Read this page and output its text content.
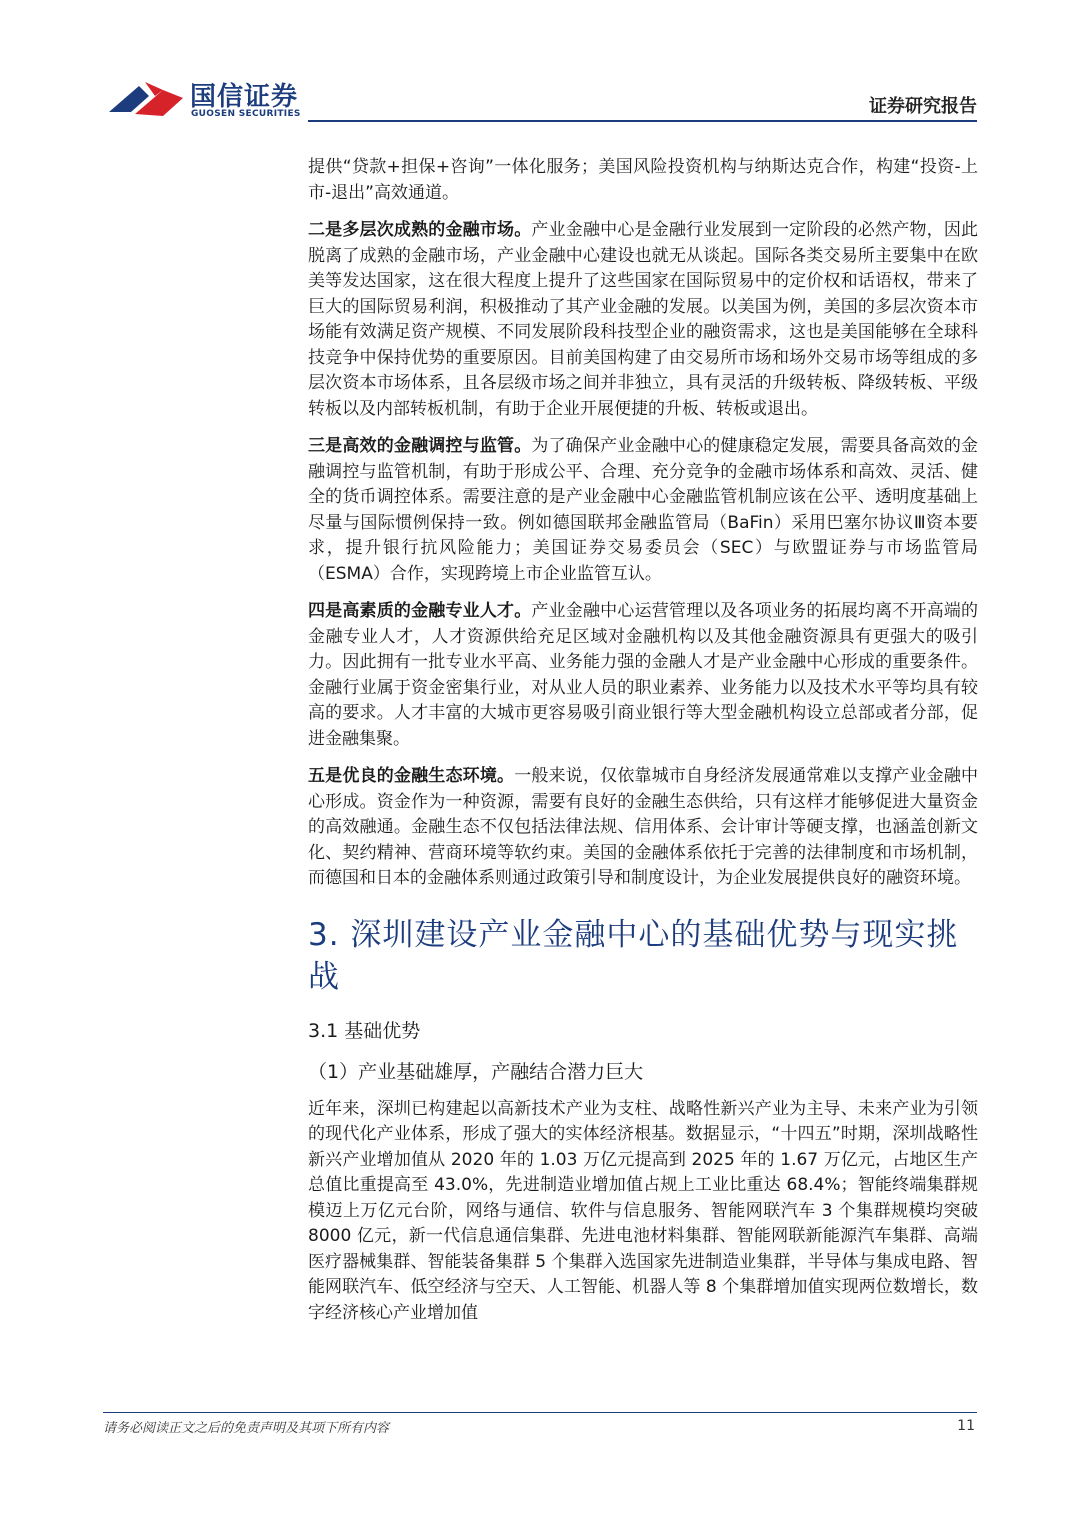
国信证券
GUOSEN SECURITIES	证券研究报告

提供“贷款+担保+咨询”一体化服务；美国风险投资机构与纳斯达克合作，构建“投资-上市-退出”高效通道。

二是多层次成熟的金融市场。产业金融中心是金融行业发展到一定阶段的必然产物，因此脱离了成熟的金融市场，产业金融中心建设也就无从谈起。国际各类交易所主要集中在欧美等发达国家，这在很大程度上提升了这些国家在国际贸易中的定价权和话语权，带来了巨大的国际贸易利润，积极推动了其产业金融的发展。以美国为例，美国的多层次资本市场能有效满足资产规模、不同发展阶段科技型企业的融资需求，这也是美国能够在全球科技竞争中保持优势的重要原因。目前美国构建了由交易所市场和场外交易市场等组成的多层次资本市场体系，且各层级市场之间并非独立，具有灵活的升级转板、降级转板、平级转板以及内部转板机制，有助于企业开展便捷的升板、转板或退出。

三是高效的金融调控与监管。为了确保产业金融中心的健康稳定发展，需要具备高效的金融调控与监管机制，有助于形成公平、合理、充分竞争的金融市场体系和高效、灵活、健全的货币调控体系。需要注意的是产业金融中心金融监管机制应该在公平、透明度基础上尽量与国际惯例保持一致。例如德国联邦金融监管局（BaFin）采用巴塞尔协议Ⅲ资本要求，提升银行抗风险能力；美国证券交易委员会（SEC）与欧盟证券与市场监管局（ESMA）合作，实现跨境上市企业监管互认。

四是高素质的金融专业人才。产业金融中心运营管理以及各项业务的拓展均离不开高端的金融专业人才，人才资源供给充足区域对金融机构以及其他金融资源具有更强大的吸引力。因此拥有一批专业水平高、业务能力强的金融人才是产业金融中心形成的重要条件。金融行业属于资金密集行业，对从业人员的职业素养、业务能力以及技术水平等均具有较高的要求。人才丰富的大城市更容易吸引商业银行等大型金融机构设立总部或者分部，促进金融集聚。

五是优良的金融生态环境。一般来说，仅依靠城市自身经济发展通常难以支撑产业金融中心形成。资金作为一种资源，需要有良好的金融生态供给，只有这样才能够促进大量资金的高效融通。金融生态不仅包括法律法规、信用体系、会计审计等硬支撑，也涵盖创新文化、契约精神、营商环境等软约束。美国的金融体系依托于完善的法律制度和市场机制，而德国和日本的金融体系则通过政策引导和制度设计，为企业发展提供良好的融资环境。

3. 深圳建设产业金融中心的基础优势与现实挑战
3.1 基础优势
（1）产业基础雄厚，产融结合潜力巨大

近年来，深圳已构建起以高新技术产业为支柱、战略性新兴产业为主导、未来产业为引领的现代化产业体系，形成了强大的实体经济根基。数据显示，“十四五”时期，深圳战略性新兴产业增加值从 2020 年的 1.03 万亿元提高到 2025 年的 1.67 万亿元，占地区生产总值比重提高至 43.0%，先进制造业增加值占规上工业比重达 68.4%；智能终端集群规模迈上万亿元台阶，网络与通信、软件与信息服务、智能网联汽车 3 个集群规模均突破 8000 亿元，新一代信息通信集群、先进电池材料集群、智能网联新能源汽车集群、高端医疗器械集群、智能装备集群 5 个集群入选国家先进制造业集群，半导体与集成电路、智能网联汽车、低空经济与空天、人工智能、机器人等 8 个集群增加值实现两位数增长，数字经济核心产业增加值

请务必阅读正文之后的免责声明及其项下所有内容	11
